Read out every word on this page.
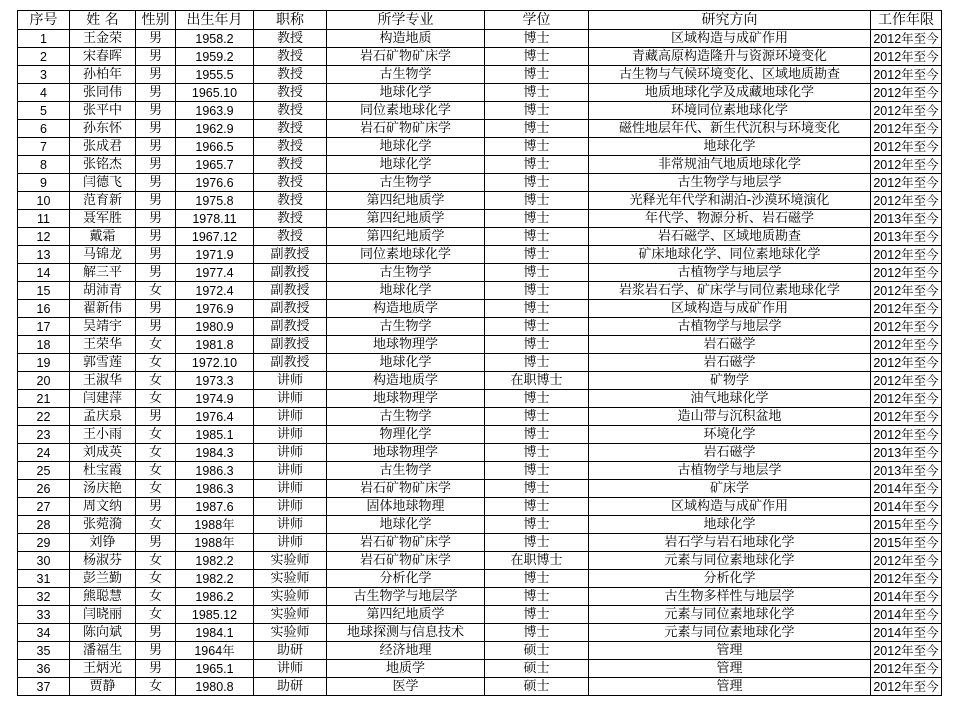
序号	姓 名	性别	出生年月	职称	所学专业	学位	研究方向	工作年限
1	王金荣	男	1958.2	教授	构造地质	博士	区域构造与成矿作用	2012年至今
2	宋春晖	男	1959.2	教授	岩石矿物矿床学	博士	青藏高原构造隆升与资源环境变化	2012年至今
3	孙柏年	男	1955.5	教授	古生物学	博士	古生物与气候环境变化、区域地质勘查	2012年至今
4	张同伟	男	1965.10	教授	地球化学	博士	地质地球化学及成藏地球化学	2012年至今
5	张平中	男	1963.9	教授	同位素地球化学	博士	环境同位素地球化学	2012年至今
6	孙东怀	男	1962.9	教授	岩石矿物矿床学	博士	磁性地层年代、新生代沉积与环境变化	2012年至今
7	张成君	男	1966.5	教授	地球化学	博士	地球化学	2012年至今
8	张铭杰	男	1965.7	教授	地球化学	博士	非常规油气地质地球化学	2012年至今
9	闫德飞	男	1976.6	教授	古生物学	博士	古生物学与地层学	2012年至今
10	范育新	男	1975.8	教授	第四纪地质学	博士	光释光年代学和湖泊-沙漠环境演化	2012年至今
11	聂军胜	男	1978.11	教授	第四纪地质学	博士	年代学、物源分析、岩石磁学	2013年至今
12	戴霜	男	1967.12	教授	第四纪地质学	博士	岩石磁学、区域地质勘查	2013年至今
13	马锦龙	男	1971.9	副教授	同位素地球化学	博士	矿床地球化学、同位素地球化学	2012年至今
14	解三平	男	1977.4	副教授	古生物学	博士	古植物学与地层学	2012年至今
15	胡沛青	女	1972.4	副教授	地球化学	博士	岩浆岩石学、矿床学与同位素地球化学	2012年至今
16	翟新伟	男	1976.9	副教授	构造地质学	博士	区域构造与成矿作用	2012年至今
17	吴靖宇	男	1980.9	副教授	古生物学	博士	古植物学与地层学	2012年至今
18	王荣华	女	1981.8	副教授	地球物理学	博士	岩石磁学	2012年至今
19	郭雪莲	女	1972.10	副教授	地球化学	博士	岩石磁学	2012年至今
20	王淑华	女	1973.3	讲师	构造地质学	在职博士	矿物学	2012年至今
21	闫建萍	女	1974.9	讲师	地球物理学	博士	油气地球化学	2012年至今
22	孟庆泉	男	1976.4	讲师	古生物学	博士	造山带与沉积盆地	2012年至今
23	王小雨	女	1985.1	讲师	物理化学	博士	环境化学	2012年至今
24	刘成英	女	1984.3	讲师	地球物理学	博士	岩石磁学	2013年至今
25	杜宝霞	女	1986.3	讲师	古生物学	博士	古植物学与地层学	2013年至今
26	汤庆艳	女	1986.3	讲师	岩石矿物矿床学	博士	矿床学	2014年至今
27	周文纳	男	1987.6	讲师	固体地球物理	博士	区域构造与成矿作用	2014年至今
28	张菀漪	女	1988年	讲师	地球化学	博士	地球化学	2015年至今
29	刘铮	男	1988年	讲师	岩石矿物矿床学	博士	岩石学与岩石地球化学	2015年至今
30	杨淑芬	女	1982.2	实验师	岩石矿物矿床学	在职博士	元素与同位素地球化学	2012年至今
31	彭兰勤	女	1982.2	实验师	分析化学	博士	分析化学	2012年至今
32	熊聪慧	女	1986.2	实验师	古生物学与地层学	博士	古生物多样性与地层学	2014年至今
33	闫晓丽	女	1985.12	实验师	第四纪地质学	博士	元素与同位素地球化学	2014年至今
34	陈向斌	男	1984.1	实验师	地球探测与信息技术	博士	元素与同位素地球化学	2014年至今
35	潘福生	男	1964年	助研	经济地理	硕士	管理	2012年至今
36	王炳光	男	1965.1	讲师	地质学	硕士	管理	2012年至今
37	贾静	女	1980.8	助研	医学	硕士	管理	2012年至今
